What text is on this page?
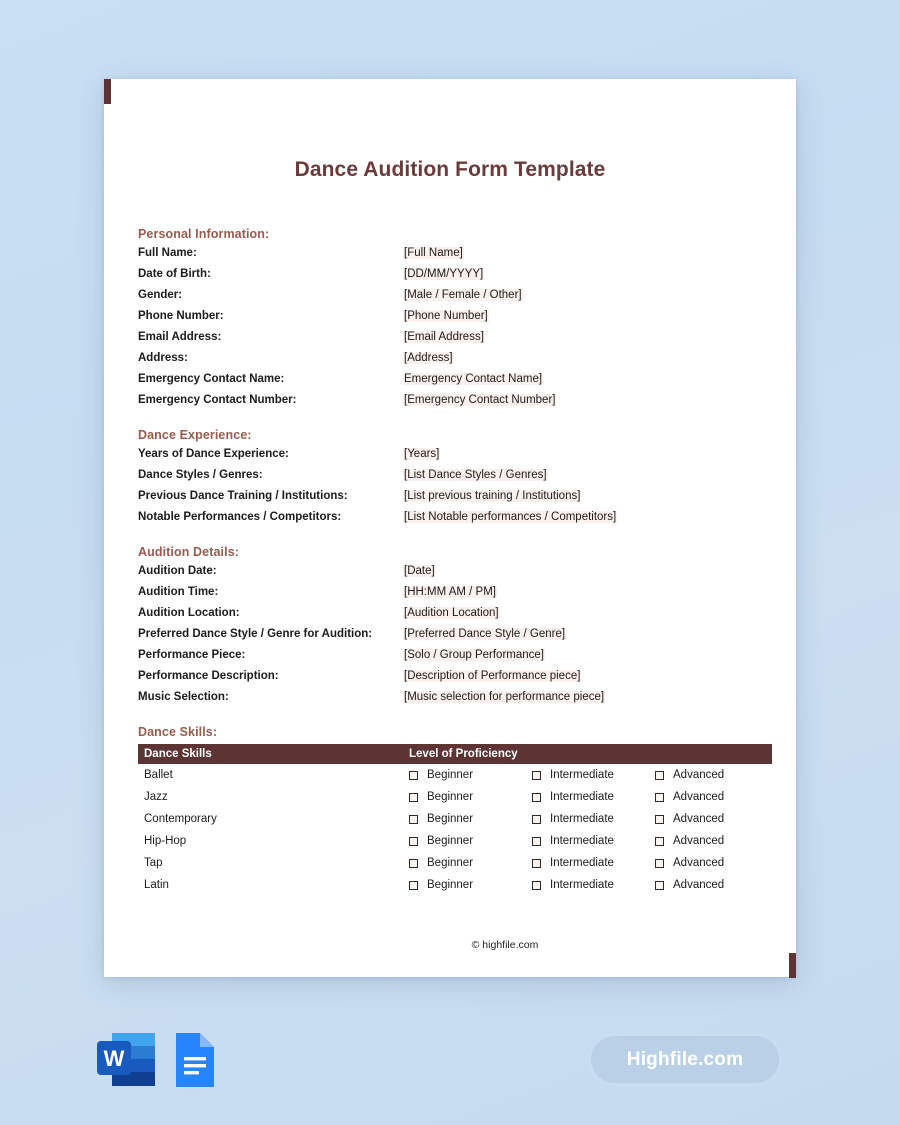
Dance Audition Form Template
Personal Information:
Full Name:	[Full Name]
Date of Birth:	[DD/MM/YYYY]
Gender:	[Male / Female / Other]
Phone Number:	[Phone Number]
Email Address:	[Email Address]
Address:	[Address]
Emergency Contact Name:	Emergency Contact Name]
Emergency Contact Number:	[Emergency Contact Number]
Dance Experience:
Years of Dance Experience:	[Years]
Dance Styles / Genres:	[List Dance Styles / Genres]
Previous Dance Training / Institutions:	[List previous training / Institutions]
Notable Performances / Competitors:	[List Notable performances / Competitors]
Audition Details:
Audition Date:	[Date]
Audition Time:	[HH:MM AM / PM]
Audition Location:	[Audition Location]
Preferred Dance Style / Genre for Audition:	[Preferred Dance Style / Genre]
Performance Piece:	[Solo / Group Performance]
Performance Description:	[Description of Performance piece]
Music Selection:	[Music selection for performance piece]
Dance Skills:
Dance Skills	Level of Proficiency		
Ballet	Beginner	Intermediate	Advanced

Jazz	Beginner	Intermediate	Advanced

Contemporary	Beginner	Intermediate	Advanced

Hip-Hop	Beginner	Intermediate	Advanced

Tap	Beginner	Intermediate	Advanced

Latin	Beginner	Intermediate	Advanced
© highfile.com
W	Highfile.com
